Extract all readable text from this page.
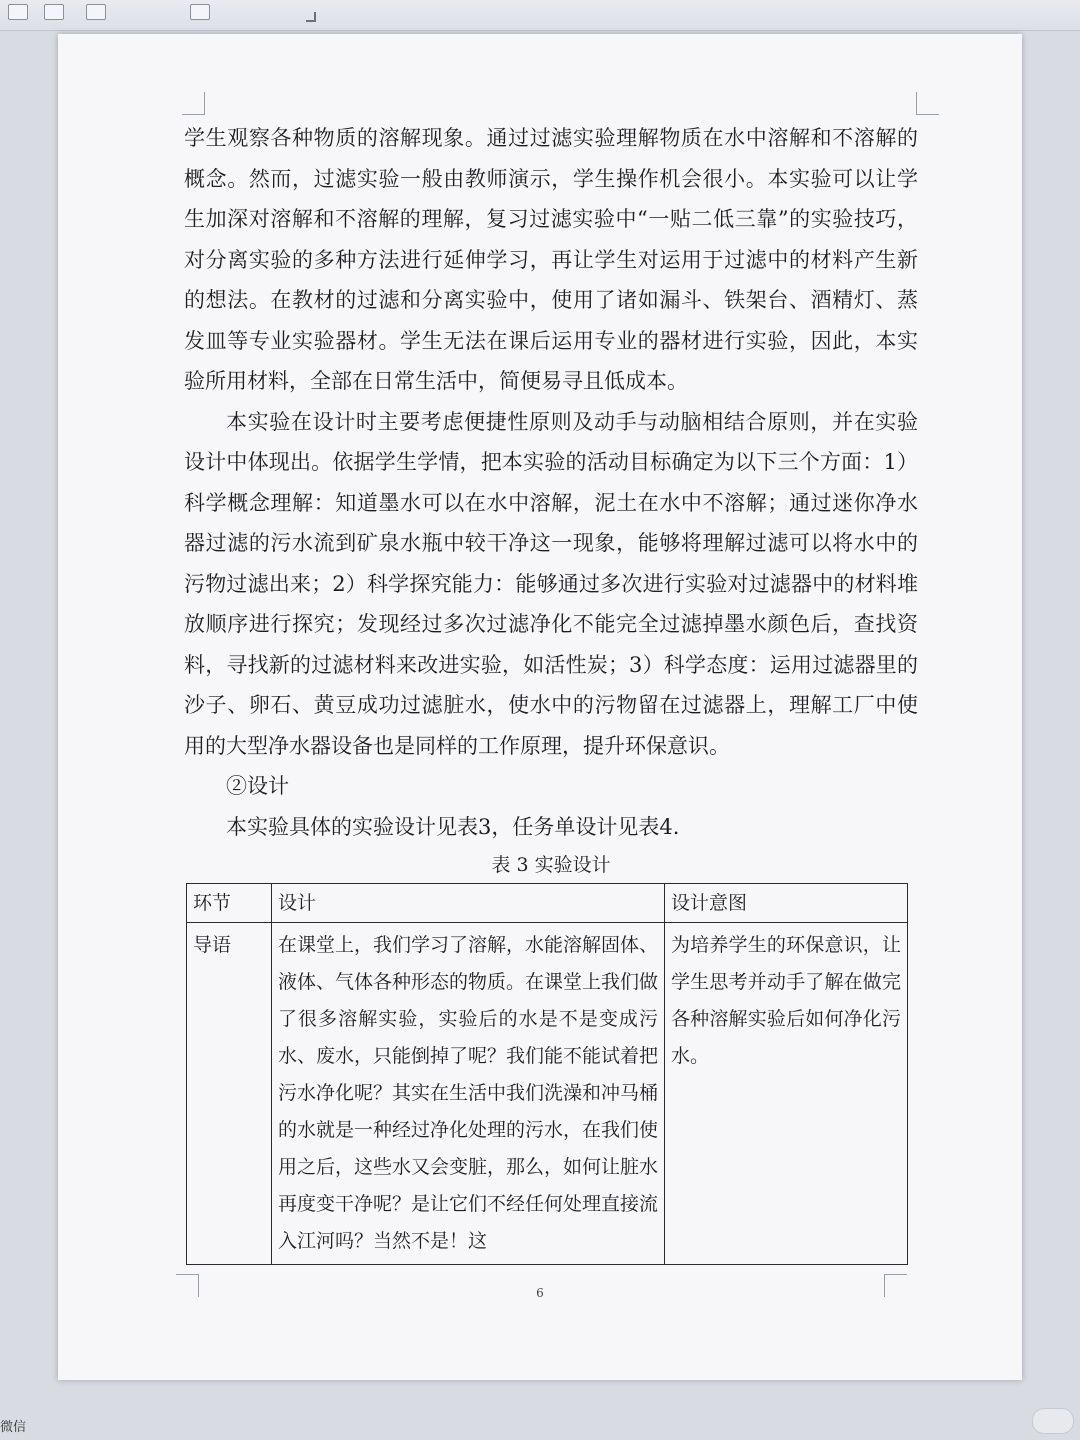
学生观察各种物质的溶解现象。通过过滤实验理解物质在水中溶解和不溶解的概念。然而，过滤实验一般由教师演示，学生操作机会很小。本实验可以让学生加深对溶解和不溶解的理解，复习过滤实验中“一贴二低三靠”的实验技巧，对分离实验的多种方法进行延伸学习，再让学生对运用于过滤中的材料产生新的想法。在教材的过滤和分离实验中，使用了诸如漏斗、铁架台、酒精灯、蒸发皿等专业实验器材。学生无法在课后运用专业的器材进行实验，因此，本实验所用材料，全部在日常生活中，简便易寻且低成本。

本实验在设计时主要考虑便捷性原则及动手与动脑相结合原则，并在实验设计中体现出。依据学生学情，把本实验的活动目标确定为以下三个方面：1）科学概念理解：知道墨水可以在水中溶解，泥土在水中不溶解；通过迷你净水器过滤的污水流到矿泉水瓶中较干净这一现象，能够将理解过滤可以将水中的污物过滤出来；2）科学探究能力：能够通过多次进行实验对过滤器中的材料堆放顺序进行探究；发现经过多次过滤净化不能完全过滤掉墨水颜色后，查找资料，寻找新的过滤材料来改进实验，如活性炭；3）科学态度：运用过滤器里的沙子、卵石、黄豆成功过滤脏水，使水中的污物留在过滤器上，理解工厂中使用的大型净水器设备也是同样的工作原理，提升环保意识。

②设计

本实验具体的实验设计见表3，任务单设计见表4.

表 3 实验设计

环节	设计	设计意图
导语	在课堂上，我们学习了溶解，水能溶解固体、液体、气体各种形态的物质。在课堂上我们做了很多溶解实验，实验后的水是不是变成污水、废水，只能倒掉了呢？我们能不能试着把污水净化呢？其实在生活中我们洗澡和冲马桶的水就是一种经过净化处理的污水，在我们使用之后，这些水又会变脏，那么，如何让脏水再度变干净呢？是让它们不经任何处理直接流入江河吗？当然不是！这	为培养学生的环保意识，让学生思考并动手了解在做完各种溶解实验后如何净化污水。
6
微信
